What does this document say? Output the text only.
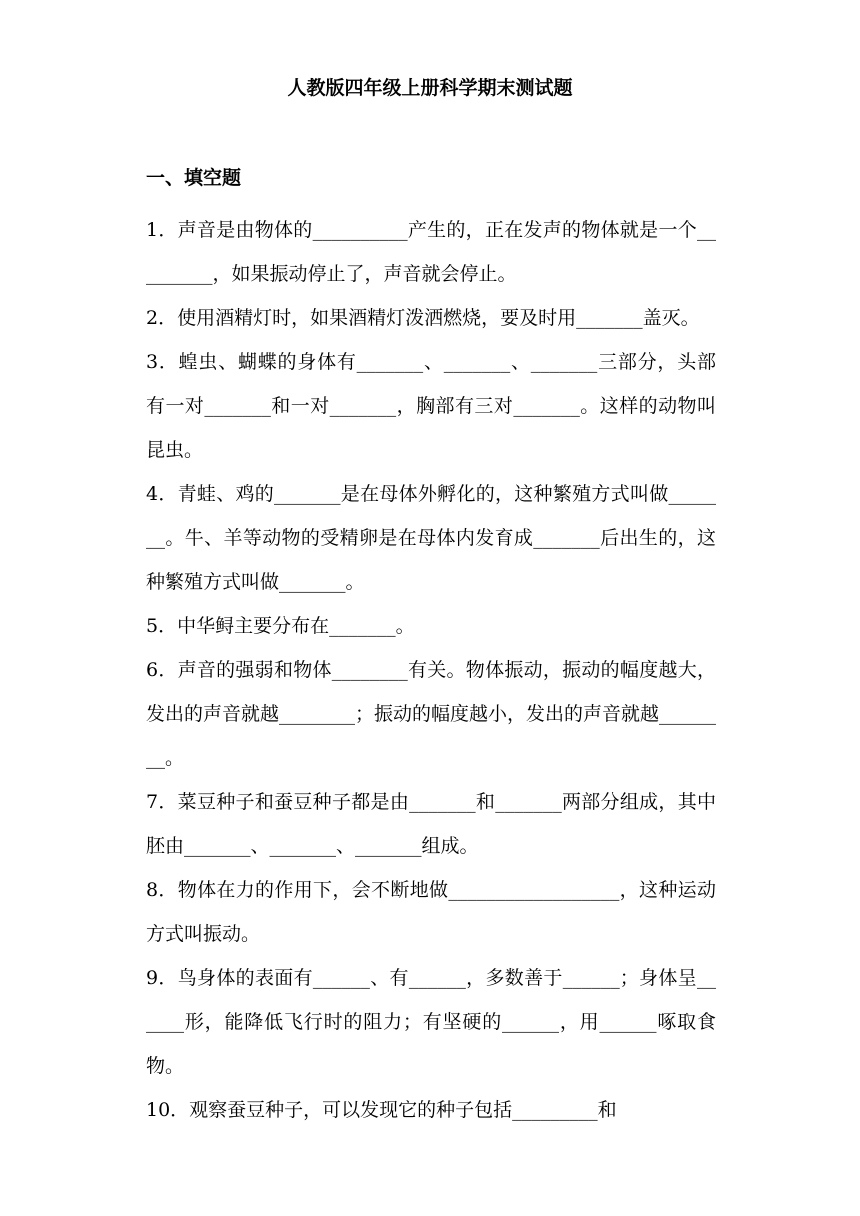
人教版四年级上册科学期末测试题
一、填空题
1．声音是由物体的__________产生的，正在发声的物体就是一个_________，如果振动停止了，声音就会停止。
2．使用酒精灯时，如果酒精灯泼洒燃烧，要及时用_______盖灭。
3．蝗虫、蝴蝶的身体有_______、_______、_______三部分，头部有一对_______和一对_______，胸部有三对_______。这样的动物叫昆虫。
4．青蛙、鸡的_______是在母体外孵化的，这种繁殖方式叫做_______。牛、羊等动物的受精卵是在母体内发育成_______后出生的，这种繁殖方式叫做_______。
5．中华鲟主要分布在_______。
6．声音的强弱和物体________有关。物体振动，振动的幅度越大，发出的声音就越________；振动的幅度越小，发出的声音就越________。
7．菜豆种子和蚕豆种子都是由_______和_______两部分组成，其中胚由_______、_______、_______组成。
8．物体在力的作用下，会不断地做__________________，这种运动方式叫振动。
9．鸟身体的表面有______、有______，多数善于______；身体呈______形，能降低飞行时的阻力；有坚硬的______，用______啄取食物。
10．观察蚕豆种子，可以发现它的种子包括_________和
